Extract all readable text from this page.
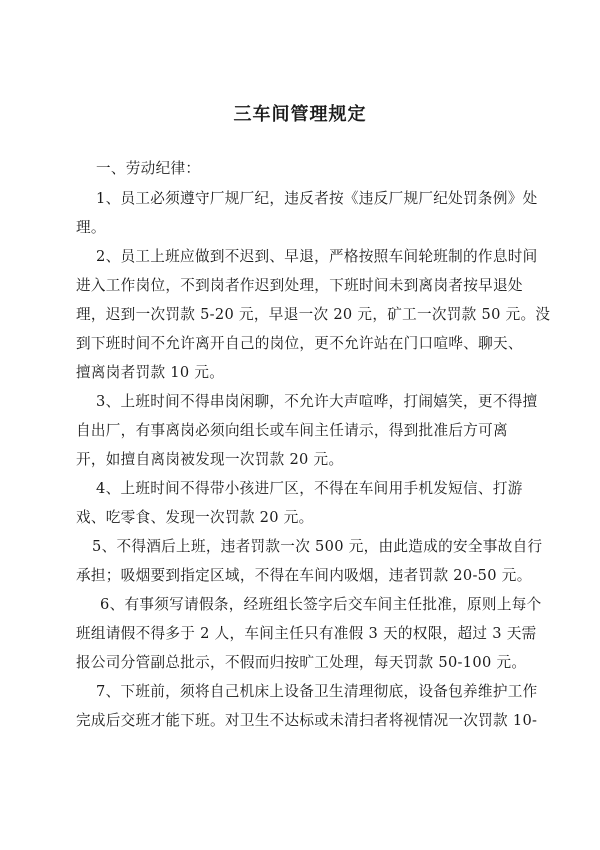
三车间管理规定
一、劳动纪律：
1、员工必须遵守厂规厂纪，违反者按《违反厂规厂纪处罚条例》处
理。
2、员工上班应做到不迟到、早退，严格按照车间轮班制的作息时间
进入工作岗位，不到岗者作迟到处理，下班时间未到离岗者按早退处
理，迟到一次罚款 5-20 元，早退一次 20 元，矿工一次罚款 50 元。没
到下班时间不允许离开自己的岗位，更不允许站在门口喧哗、聊天、
擅离岗者罚款 10 元。
3、上班时间不得串岗闲聊，不允许大声喧哗，打闹嬉笑，更不得擅
自出厂，有事离岗必须向组长或车间主任请示，得到批准后方可离
开，如擅自离岗被发现一次罚款 20 元。
4、上班时间不得带小孩进厂区，不得在车间用手机发短信、打游
戏、吃零食、发现一次罚款 20 元。
5、不得酒后上班，违者罚款一次 500 元，由此造成的安全事故自行
承担；吸烟要到指定区域，不得在车间内吸烟，违者罚款 20-50 元。
6、有事须写请假条，经班组长签字后交车间主任批准，原则上每个
班组请假不得多于 2 人，车间主任只有准假 3 天的权限，超过 3 天需
报公司分管副总批示，不假而归按旷工处理，每天罚款 50-100 元。
7、下班前，须将自己机床上设备卫生清理彻底，设备包养维护工作
完成后交班才能下班。对卫生不达标或未清扫者将视情况一次罚款 10-
